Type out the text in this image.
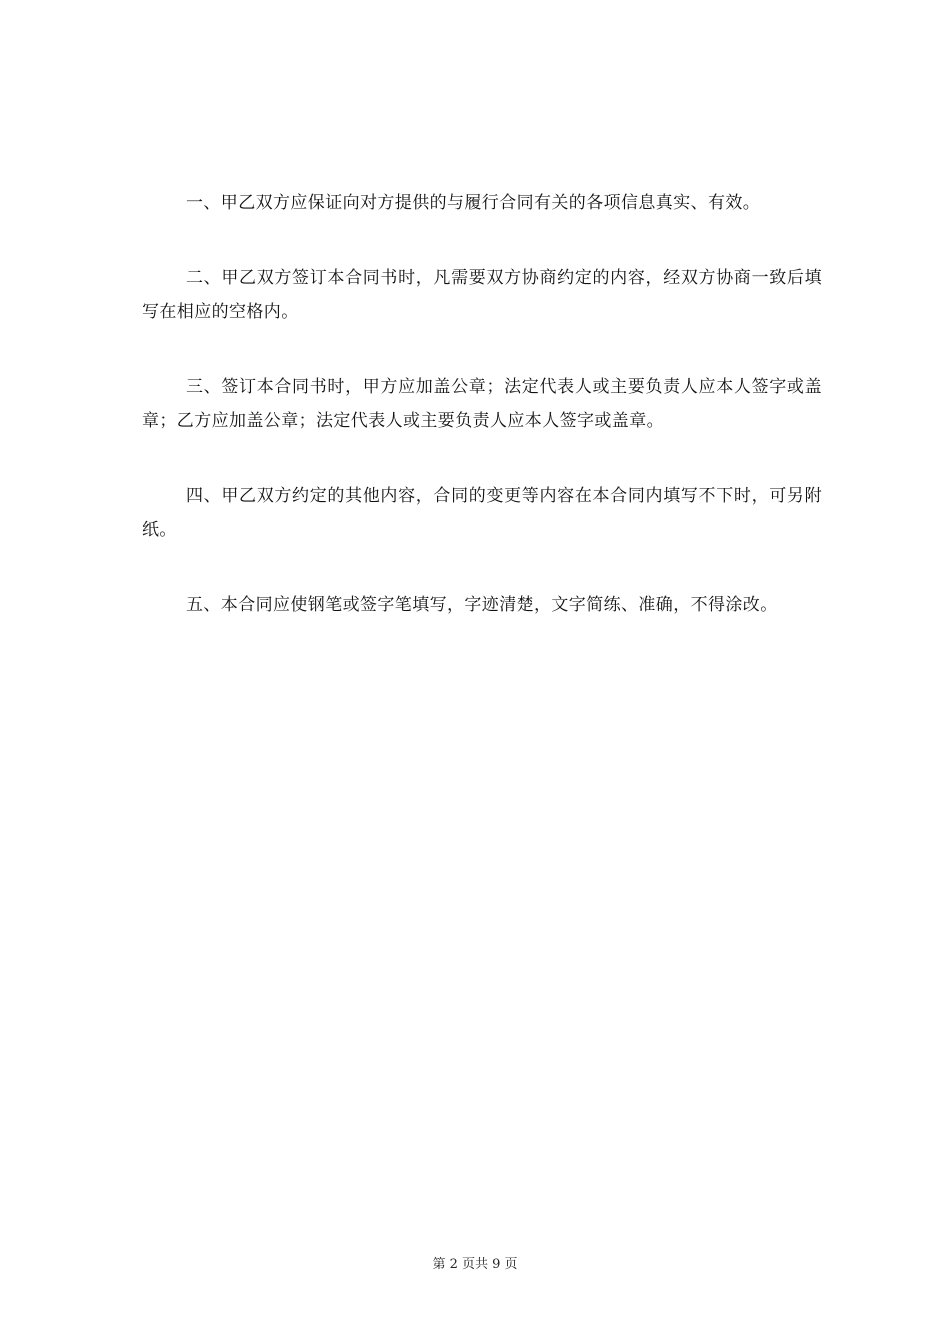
一、甲乙双方应保证向对方提供的与履行合同有关的各项信息真实、有效。

二、甲乙双方签订本合同书时，凡需要双方协商约定的内容，经双方协商一致后填写在相应的空格内。

三、签订本合同书时，甲方应加盖公章；法定代表人或主要负责人应本人签字或盖章；乙方应加盖公章；法定代表人或主要负责人应本人签字或盖章。

四、甲乙双方约定的其他内容，合同的变更等内容在本合同内填写不下时，可另附纸。

五、本合同应使钢笔或签字笔填写，字迹清楚，文字简练、准确，不得涂改。

第 2 页共 9 页
